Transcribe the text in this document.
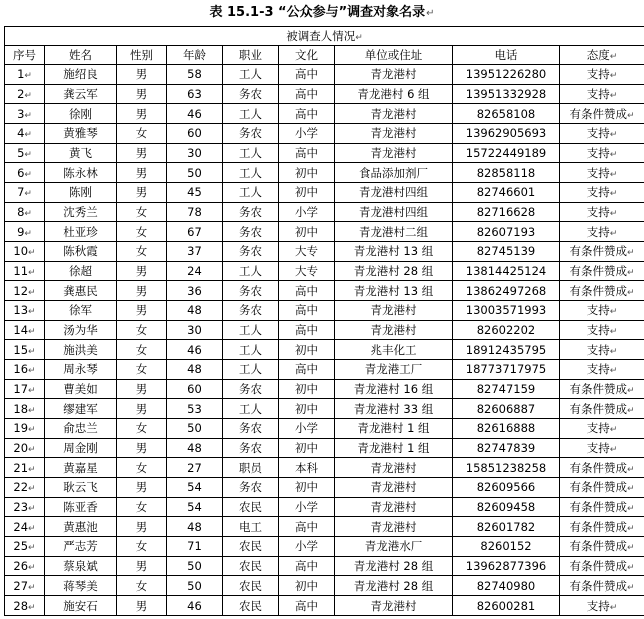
表 15.1-3 “公众参与”调查对象名录↵
被调查人情况↵								
序号	姓名	性别	年龄	职业	文化	单位或住址	电话	态度↵
1↵	施绍良	男	58	工人	高中	青龙港村	13951226280	支持↵
2↵	龚云军	男	63	务农	高中	青龙港村 6 组	13951332928	支持↵
3↵	徐刚	男	46	工人	高中	青龙港村	82658108	有条件赞成↵
4↵	黄雅琴	女	60	务农	小学	青龙港村	13962905693	支持↵
5↵	黄飞	男	30	工人	高中	青龙港村	15722449189	支持↵
6↵	陈永林	男	50	工人	初中	食品添加剂厂	82858118	支持↵
7↵	陈刚	男	45	工人	初中	青龙港村四组	82746601	支持↵
8↵	沈秀兰	女	78	务农	小学	青龙港村四组	82716628	支持↵
9↵	杜亚珍	女	67	务农	初中	青龙港村二组	82607193	支持↵
10↵	陈秋霞	女	37	务农	大专	青龙港村 13 组	82745139	有条件赞成↵
11↵	徐超	男	24	工人	大专	青龙港村 28 组	13814425124	有条件赞成↵
12↵	龚惠民	男	36	务农	高中	青龙港村 13 组	13862497268	有条件赞成↵
13↵	徐军	男	48	务农	高中	青龙港村	13003571993	支持↵
14↵	汤为华	女	30	工人	高中	青龙港村	82602202	支持↵
15↵	施洪美	女	46	工人	初中	兆丰化工	18912435795	支持↵
16↵	周永琴	女	48	工人	高中	青龙港工厂	18773717975	支持↵
17↵	曹美如	男	60	务农	初中	青龙港村 16 组	82747159	有条件赞成↵
18↵	缪建军	男	53	工人	初中	青龙港村 33 组	82606887	有条件赞成↵
19↵	俞忠兰	女	50	务农	小学	青龙港村 1 组	82616888	支持↵
20↵	周金刚	男	48	务农	初中	青龙港村 1 组	82747839	支持↵
21↵	黄嘉星	女	27	职员	本科	青龙港村	15851238258	有条件赞成↵
22↵	耿云飞	男	54	务农	初中	青龙港村	82609566	有条件赞成↵
23↵	陈亚香	女	54	农民	小学	青龙港村	82609458	有条件赞成↵
24↵	黄惠池	男	48	电工	高中	青龙港村	82601782	有条件赞成↵
25↵	严志芳	女	71	农民	小学	青龙港水厂	8260152	有条件赞成↵
26↵	蔡泉斌	男	50	农民	高中	青龙港村 28 组	13962877396	有条件赞成↵
27↵	蒋琴美	女	50	农民	初中	青龙港村 28 组	82740980	有条件赞成↵
28↵	施安石	男	46	农民	高中	青龙港村	82600281	支持↵
